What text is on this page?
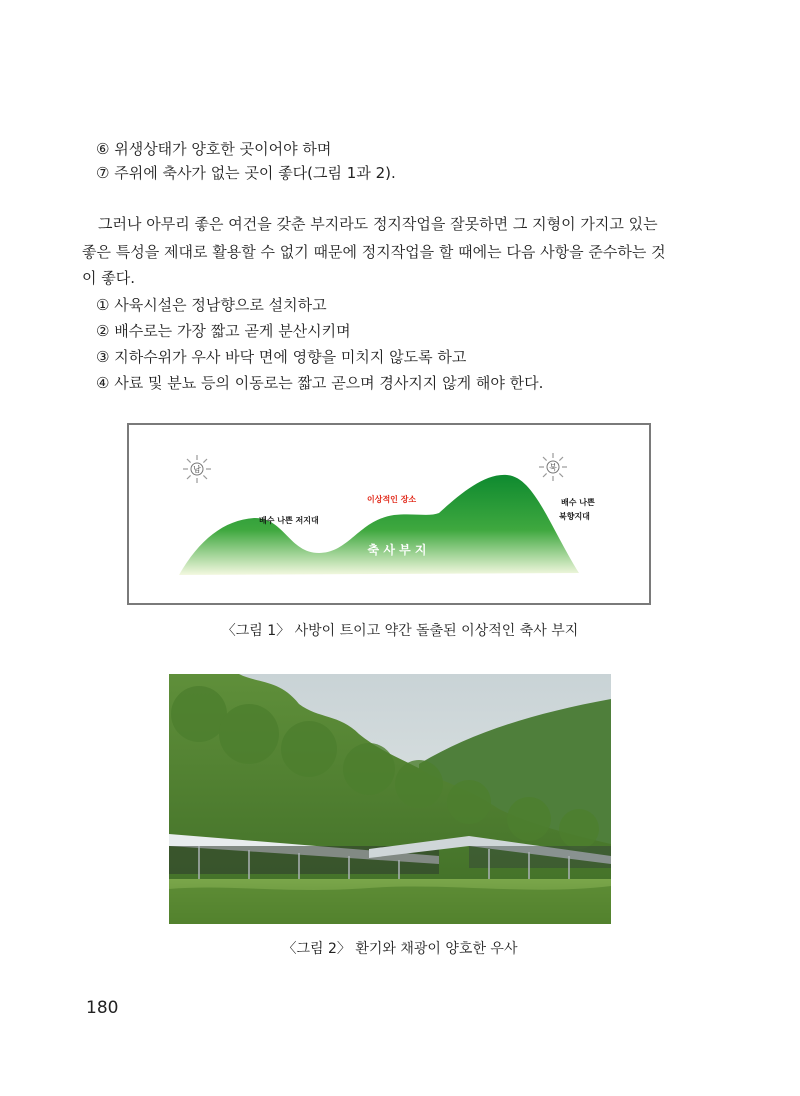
⑥ 위생상태가 양호한 곳이어야 하며
⑦ 주위에 축사가 없는 곳이 좋다(그림 1과 2).
그러나 아무리 좋은 여건을 갖춘 부지라도 정지작업을 잘못하면 그 지형이 가지고 있는
좋은 특성을 제대로 활용할 수 없기 때문에 정지작업을 할 때에는 다음 사항을 준수하는 것
이 좋다.
① 사육시설은 정남향으로 설치하고
② 배수로는 가장 짧고 곧게 분산시키며
③ 지하수위가 우사 바닥 면에 영향을 미치지 않도록 하고
④ 사료 및 분뇨 등의 이동로는 짧고 곧으며 경사지지 않게 해야 한다.
남	북
배수 나쁜 저지대
이상적인 장소	배수 나쁜
북향지대
축 사 부 지
〈그림 1〉 사방이 트이고 약간 돌출된 이상적인 축사 부지
〈그림 2〉 환기와 채광이 양호한 우사
180
